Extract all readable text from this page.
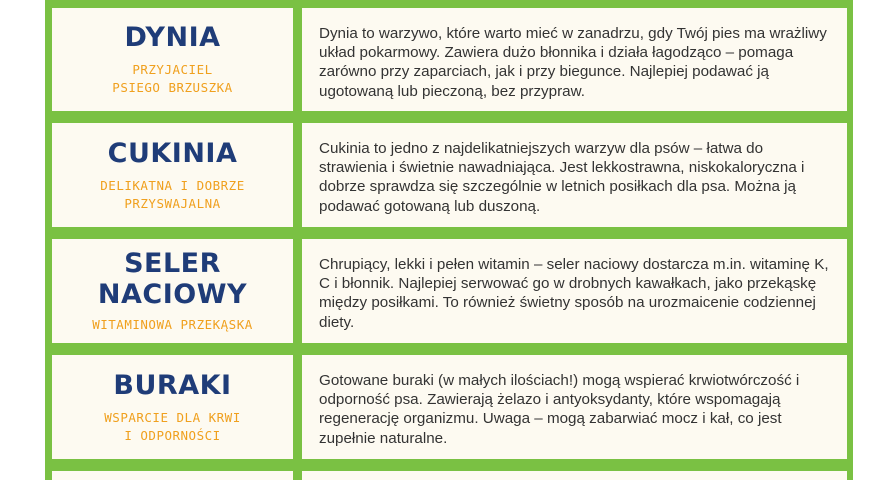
DYNIA
PRZYJACIEL
PSIEGO BRZUSZKA

Dynia to warzywo, które warto mieć w zanadrzu, gdy Twój pies ma wrażliwy układ pokarmowy. Zawiera dużo błonnika i działa łagodząco – pomaga zarówno przy zaparciach, jak i przy biegunce. Najlepiej podawać ją ugotowaną lub pieczoną, bez przypraw.

CUKINIA
DELIKATNA I DOBRZE
PRZYSWAJALNA

Cukinia to jedno z najdelikatniejszych warzyw dla psów – łatwa do strawienia i świetnie nawadniająca. Jest lekkostrawna, niskokaloryczna i dobrze sprawdza się szczególnie w letnich posiłkach dla psa. Można ją podawać gotowaną lub duszoną.

SELER
NACIOWY
WITAMINOWA PRZEKĄSKA

Chrupiący, lekki i pełen witamin – seler naciowy dostarcza m.in. witaminę K, C i błonnik. Najlepiej serwować go w drobnych kawałkach, jako przekąskę między posiłkami. To również świetny sposób na urozmaicenie codziennej diety.

BURAKI
WSPARCIE DLA KRWI
I ODPORNOŚCI

Gotowane buraki (w małych ilościach!) mogą wspierać krwiotwórczość i odporność psa. Zawierają żelazo i antyoksydanty, które wspomagają regenerację organizmu. Uwaga – mogą zabarwiać mocz i kał, co jest zupełnie naturalne.
